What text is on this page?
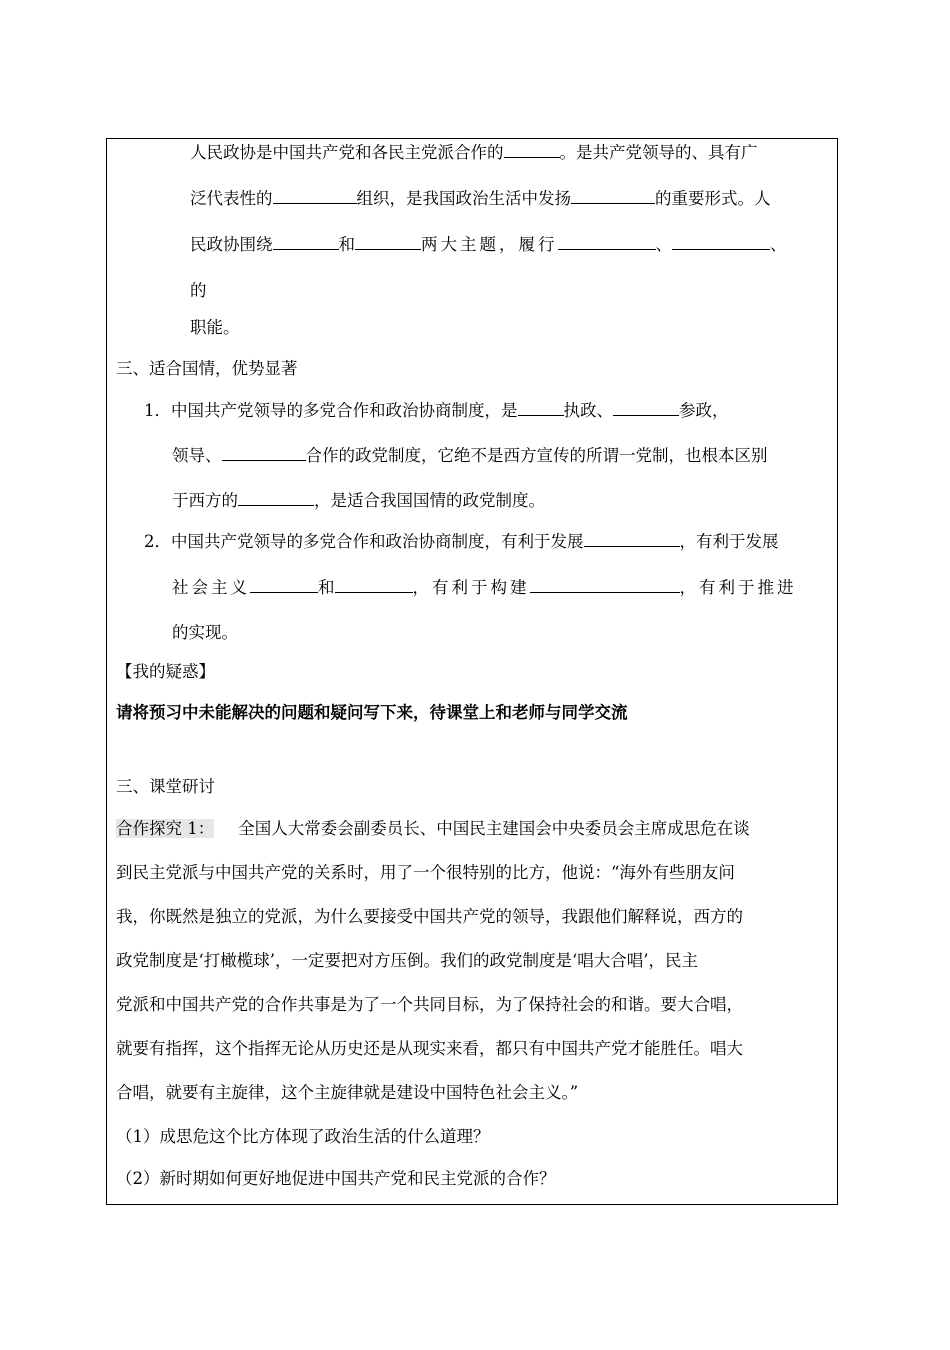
人民政协是中国共产党和各民主党派合作的	。是共产党领导的、具有广
泛代表性的	组织，是我国政治生活中发扬	的重要形式。人
民政协围绕	和	两大主题，履行	、	、
的
职能。
三、适合国情，优势显著
1．中国共产党领导的多党合作和政治协商制度，是	执政、	参政，
领导、	合作的政党制度，它绝不是西方宣传的所谓一党制，也根本区别
于西方的	，是适合我国国情的政党制度。
2．中国共产党领导的多党合作和政治协商制度，有利于发展	，有利于发展
社会主义	和	，有利于构建	，有利于推进
的实现。
【我的疑惑】
请将预习中未能解决的问题和疑问写下来，待课堂上和老师与同学交流
三、课堂研讨
合作探究 1： 全国人大常委会副委员长、中国民主建国会中央委员会主席成思危在谈
到民主党派与中国共产党的关系时，用了一个很特别的比方，他说：“海外有些朋友问
我，你既然是独立的党派，为什么要接受中国共产党的领导，我跟他们解释说，西方的
政党制度是‘打橄榄球’，一定要把对方压倒。我们的政党制度是‘唱大合唱’，民主
党派和中国共产党的合作共事是为了一个共同目标，为了保持社会的和谐。要大合唱，
就要有指挥，这个指挥无论从历史还是从现实来看，都只有中国共产党才能胜任。唱大
合唱，就要有主旋律，这个主旋律就是建设中国特色社会主义。”
（1）成思危这个比方体现了政治生活的什么道理？
（2）新时期如何更好地促进中国共产党和民主党派的合作？
